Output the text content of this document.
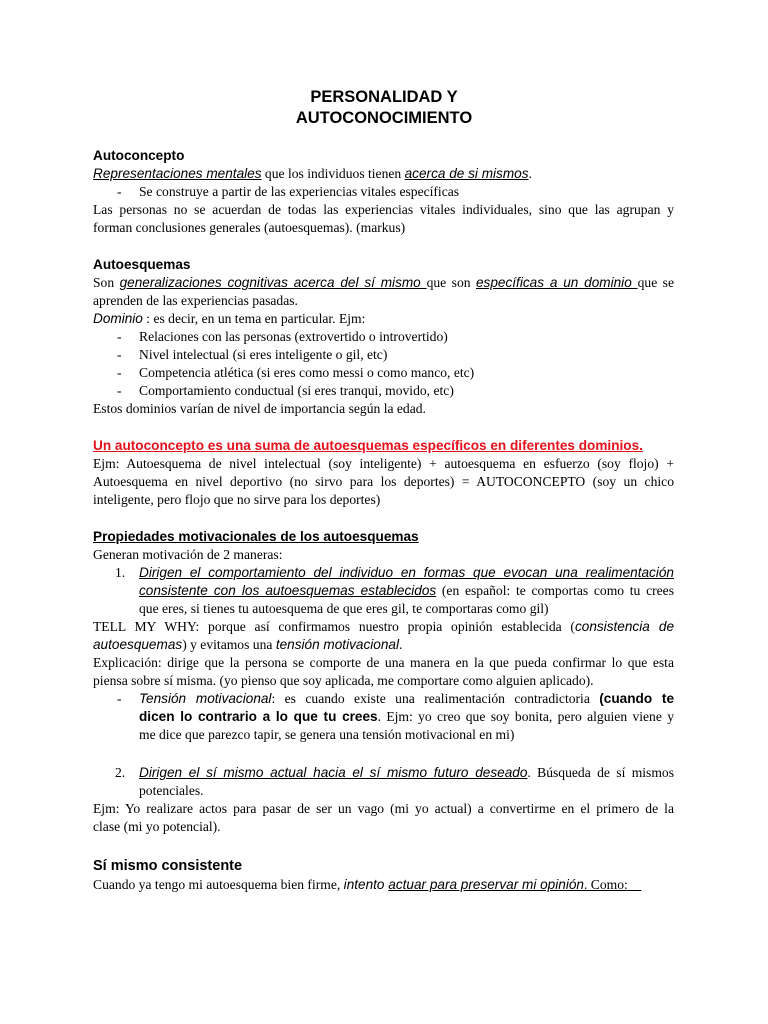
PERSONALIDAD Y
AUTOCONOCIMIENTO
Autoconcepto
Representaciones mentales que los individuos tienen acerca de si mismos.
- Se construye a partir de las experiencias vitales específicas
Las personas no se acuerdan de todas las experiencias vitales individuales, sino que las agrupan y
forman conclusiones generales (autoesquemas). (markus)
Autoesquemas
Son generalizaciones cognitivas acerca del sí mismo que son específicas a un dominio que se
aprenden de las experiencias pasadas.
Dominio : es decir, en un tema en particular. Ejm:
- Relaciones con las personas (extrovertido o introvertido)
- Nivel intelectual (si eres inteligente o gil, etc)
- Competencia atlética (si eres como messi o como manco, etc)
- Comportamiento conductual (si eres tranqui, movido, etc)
Estos dominios varían de nivel de importancia según la edad.
Un autoconcepto es una suma de autoesquemas específicos en diferentes dominios.
Ejm: Autoesquema de nivel intelectual (soy inteligente) + autoesquema en esfuerzo (soy flojo) +
Autoesquema en nivel deportivo (no sirvo para los deportes) = AUTOCONCEPTO (soy un chico
inteligente, pero flojo que no sirve para los deportes)
Propiedades motivacionales de los autoesquemas
Generan motivación de 2 maneras:
1. Dirigen el comportamiento del individuo en formas que evocan una realimentación
consistente con los autoesquemas establecidos (en español: te comportas como tu crees
que eres, si tienes tu autoesquema de que eres gil, te comportaras como gil)
TELL MY WHY: porque así confirmamos nuestro propia opinión establecida (consistencia de
autoesquemas) y evitamos una tensión motivacional.
Explicación: dirige que la persona se comporte de una manera en la que pueda confirmar lo que esta
piensa sobre sí misma. (yo pienso que soy aplicada, me comportare como alguien aplicado).
- Tensión motivacional: es cuando existe una realimentación contradictoria (cuando te
dicen lo contrario a lo que tu crees. Ejm: yo creo que soy bonita, pero alguien viene y
me dice que parezco tapir, se genera una tensión motivacional en mi)
2. Dirigen el sí mismo actual hacia el sí mismo futuro deseado. Búsqueda de sí mismos
potenciales.
Ejm: Yo realizare actos para pasar de ser un vago (mi yo actual) a convertirme en el primero de la
clase (mi yo potencial).
Sí mismo consistente
Cuando ya tengo mi autoesquema bien firme, intento actuar para preservar mi opinión. Como:
